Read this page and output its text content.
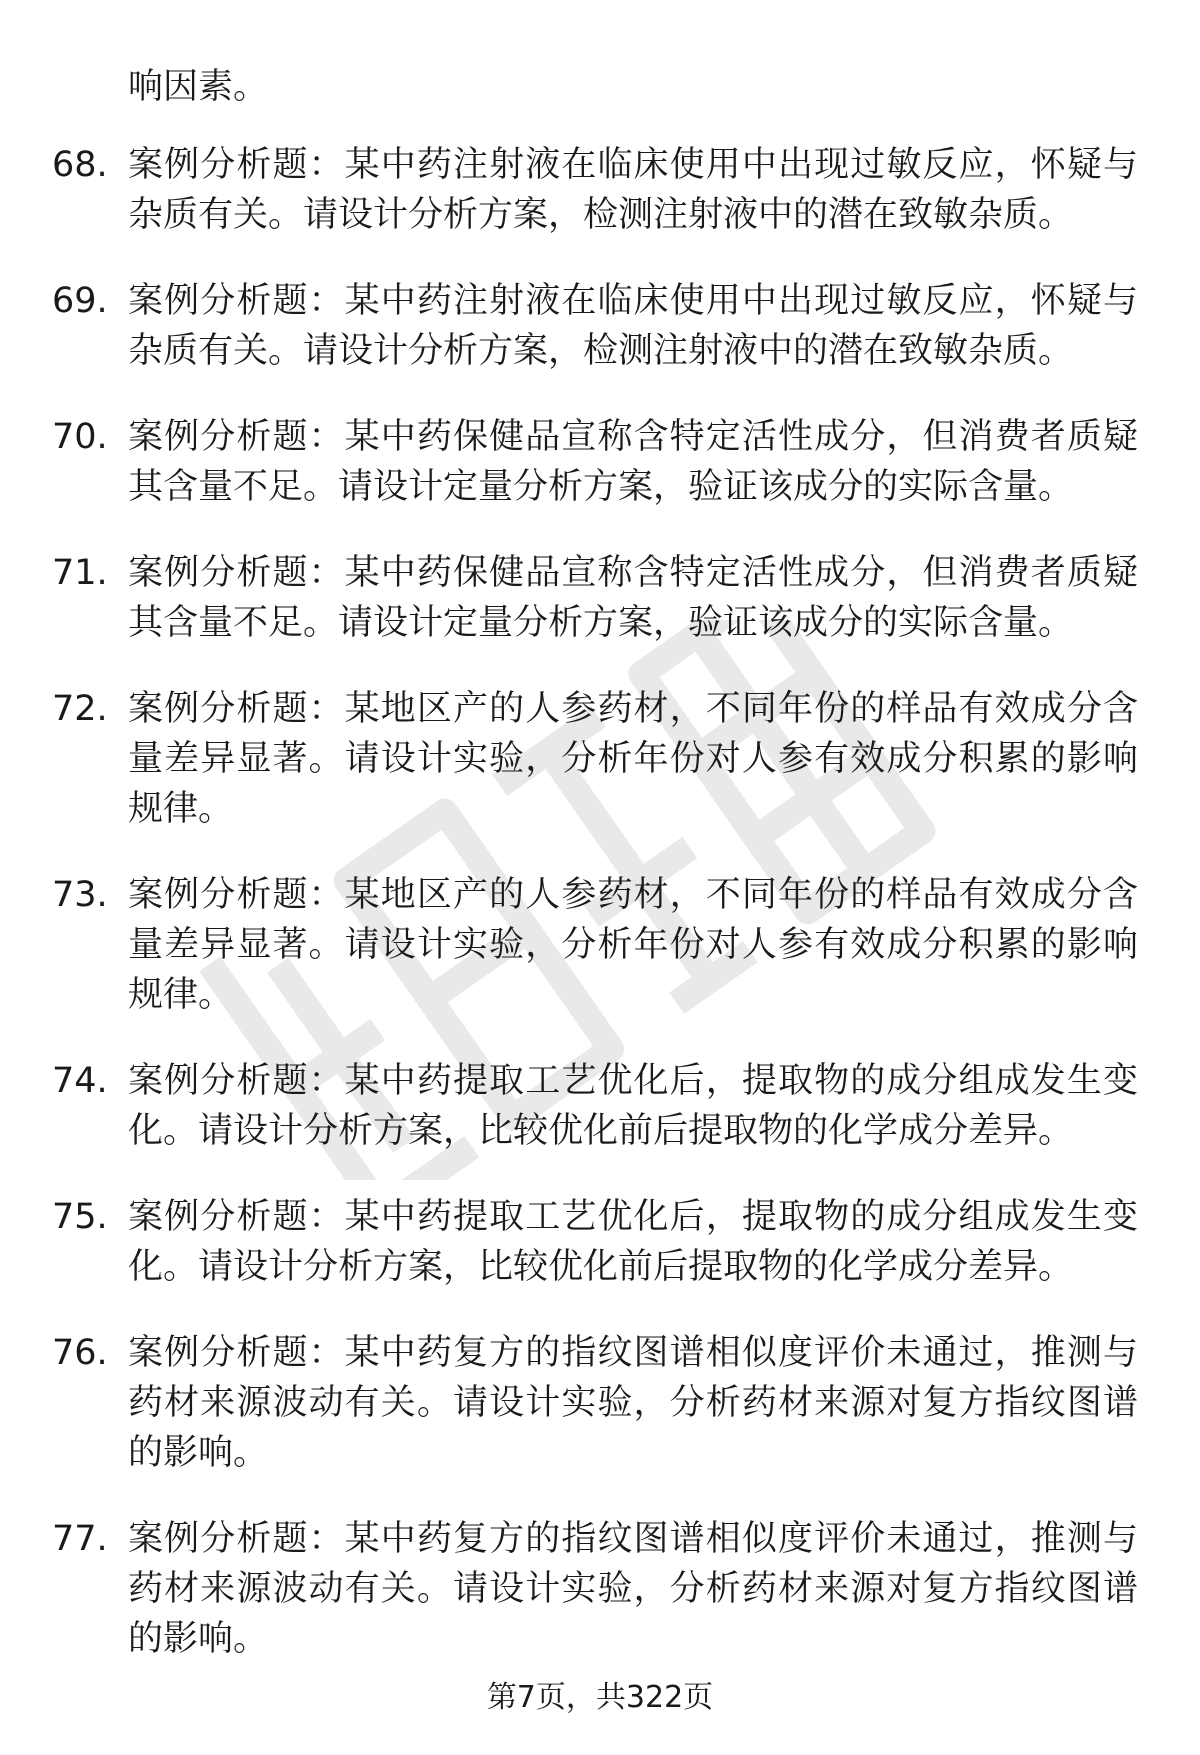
响因素。

68. 案例分析题：某中药注射液在临床使用中出现过敏反应，怀疑与杂质有关。请设计分析方案，检测注射液中的潜在致敏杂质。
69. 案例分析题：某中药注射液在临床使用中出现过敏反应，怀疑与杂质有关。请设计分析方案，检测注射液中的潜在致敏杂质。
70. 案例分析题：某中药保健品宣称含特定活性成分，但消费者质疑其含量不足。请设计定量分析方案，验证该成分的实际含量。
71. 案例分析题：某中药保健品宣称含特定活性成分，但消费者质疑其含量不足。请设计定量分析方案，验证该成分的实际含量。
72. 案例分析题：某地区产的人参药材，不同年份的样品有效成分含量差异显著。请设计实验，分析年份对人参有效成分积累的影响规律。
73. 案例分析题：某地区产的人参药材，不同年份的样品有效成分含量差异显著。请设计实验，分析年份对人参有效成分积累的影响规律。
74. 案例分析题：某中药提取工艺优化后，提取物的成分组成发生变化。请设计分析方案，比较优化前后提取物的化学成分差异。
75. 案例分析题：某中药提取工艺优化后，提取物的成分组成发生变化。请设计分析方案，比较优化前后提取物的化学成分差异。
76. 案例分析题：某中药复方的指纹图谱相似度评价未通过，推测与药材来源波动有关。请设计实验，分析药材来源对复方指纹图谱的影响。
77. 案例分析题：某中药复方的指纹图谱相似度评价未通过，推测与药材来源波动有关。请设计实验，分析药材来源对复方指纹图谱的影响。

第7页，共322页
